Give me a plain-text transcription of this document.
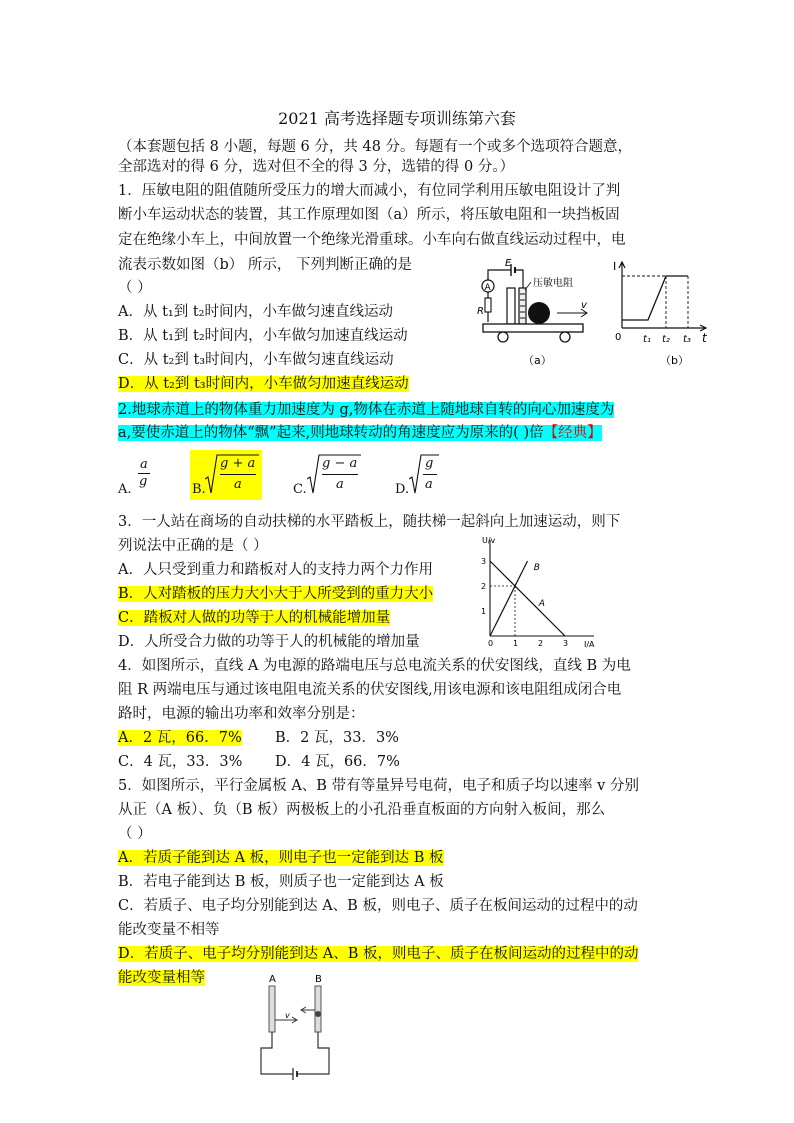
2021 高考选择题专项训练第六套
（本套题包括 8 小题，每题 6 分，共 48 分。每题有一个或多个选项符合题意，
全部选对的得 6 分，选对但不全的得 3 分，选错的得 0 分。）
1．压敏电阻的阻值随所受压力的增大而减小，有位同学利用压敏电阻设计了判
断小车运动状态的装置，其工作原理如图（a）所示，将压敏电阻和一块挡板固
定在绝缘小车上，中间放置一个绝缘光滑重球。小车向右做直线运动过程中，电
流表示数如图（b） 所示， 下列判断正确的是
（ ）
A．从 t₁到 t₂时间内，小车做匀速直线运动
B．从 t₁到 t₂时间内，小车做匀加速直线运动
C．从 t₂到 t₃时间内，小车做匀速直线运动
D．从 t₂到 t₃时间内，小车做匀加速直线运动
E
A
R
压敏电阻
v
（a）
I
t
0 t₁ t₂ t₃
（b）
2.地球赤道上的物体重力加速度为 g,物体在赤道上随地球自转的向心加速度为
a,要使赤道上的物体“飘”起来,则地球转动的角速度应为原来的( )倍【经典】
A.
a
g
B.
g + a
a	C.
g − a
a	D.
g
a
3．一人站在商场的自动扶梯的水平踏板上，随扶梯一起斜向上加速运动，则下
列说法中正确的是（ ）
A．人只受到重力和踏板对人的支持力两个力作用
B．人对踏板的压力大小大于人所受到的重力大小
C．踏板对人做的功等于人的机械能增加量
D．人所受合力做的功等于人的机械能的增加量
U/v
I/A
3
2
1
0 1 2 3
A
B
4．如图所示，直线 A 为电源的路端电压与总电流关系的伏安图线，直线 B 为电
阻 R 两端电压与通过该电阻电流关系的伏安图线,用该电源和该电阻组成闭合电
路时，电源的输出功率和效率分别是：
A．2 瓦，66．7% B．2 瓦，33．3%
C．4 瓦，33．3% D．4 瓦，66．7%
5．如图所示，平行金属板 A、B 带有等量异号电荷，电子和质子均以速率 v 分别
从正（A 板）、负（B 板）两极板上的小孔沿垂直板面的方向射入板间，那么
（ ）
A．若质子能到达 A 板，则电子也一定能到达 B 板
B．若电子能到达 B 板，则质子也一定能到达 A 板
C．若质子、电子均分别能到达 A、B 板，则电子、质子在板间运动的过程中的动
能改变量不相等
D．若质子、电子均分别能到达 A、B 板，则电子、质子在板间运动的过程中的动
能改变量相等	A	B
v
